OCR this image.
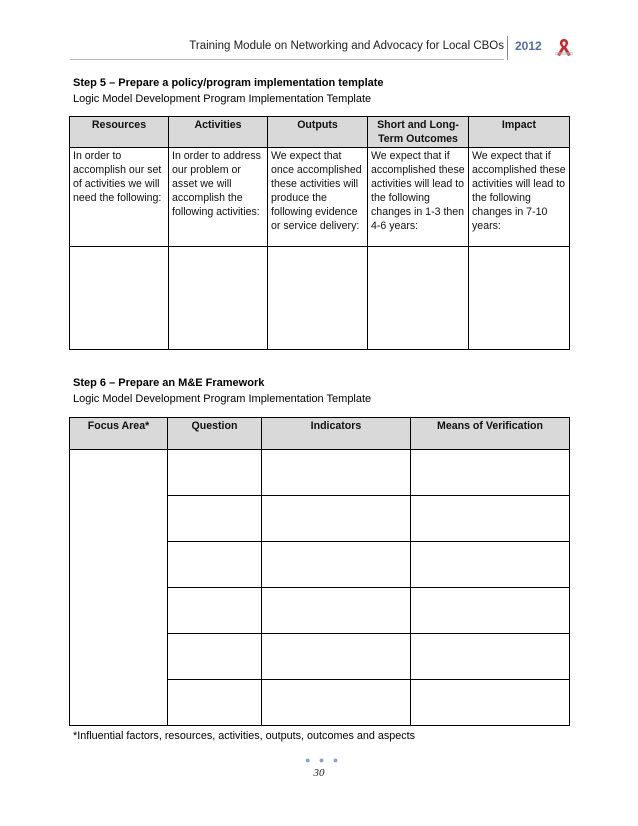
Training Module on Networking and Advocacy for Local CBOs 2012
Step 5 – Prepare a policy/program implementation template
Logic Model Development Program Implementation Template
Resources	Activities	Outputs	Short and Long-Term Outcomes	Impact
In order to accomplish our set of activities we will need the following:	In order to address our problem or asset we will accomplish the following activities:	We expect that once accomplished these activities will produce the following evidence or service delivery:	We expect that if accomplished these activities will lead to the following changes in 1-3 then 4-6 years:	We expect that if accomplished these activities will lead to the following changes in 7-10 years:

Step 6 – Prepare an M&E Framework
Logic Model Development Program Implementation Template
Focus Area*	Question	Indicators	Means of Verification

*Influential factors, resources, activities, outputs, outcomes and aspects
● ● ●
30
